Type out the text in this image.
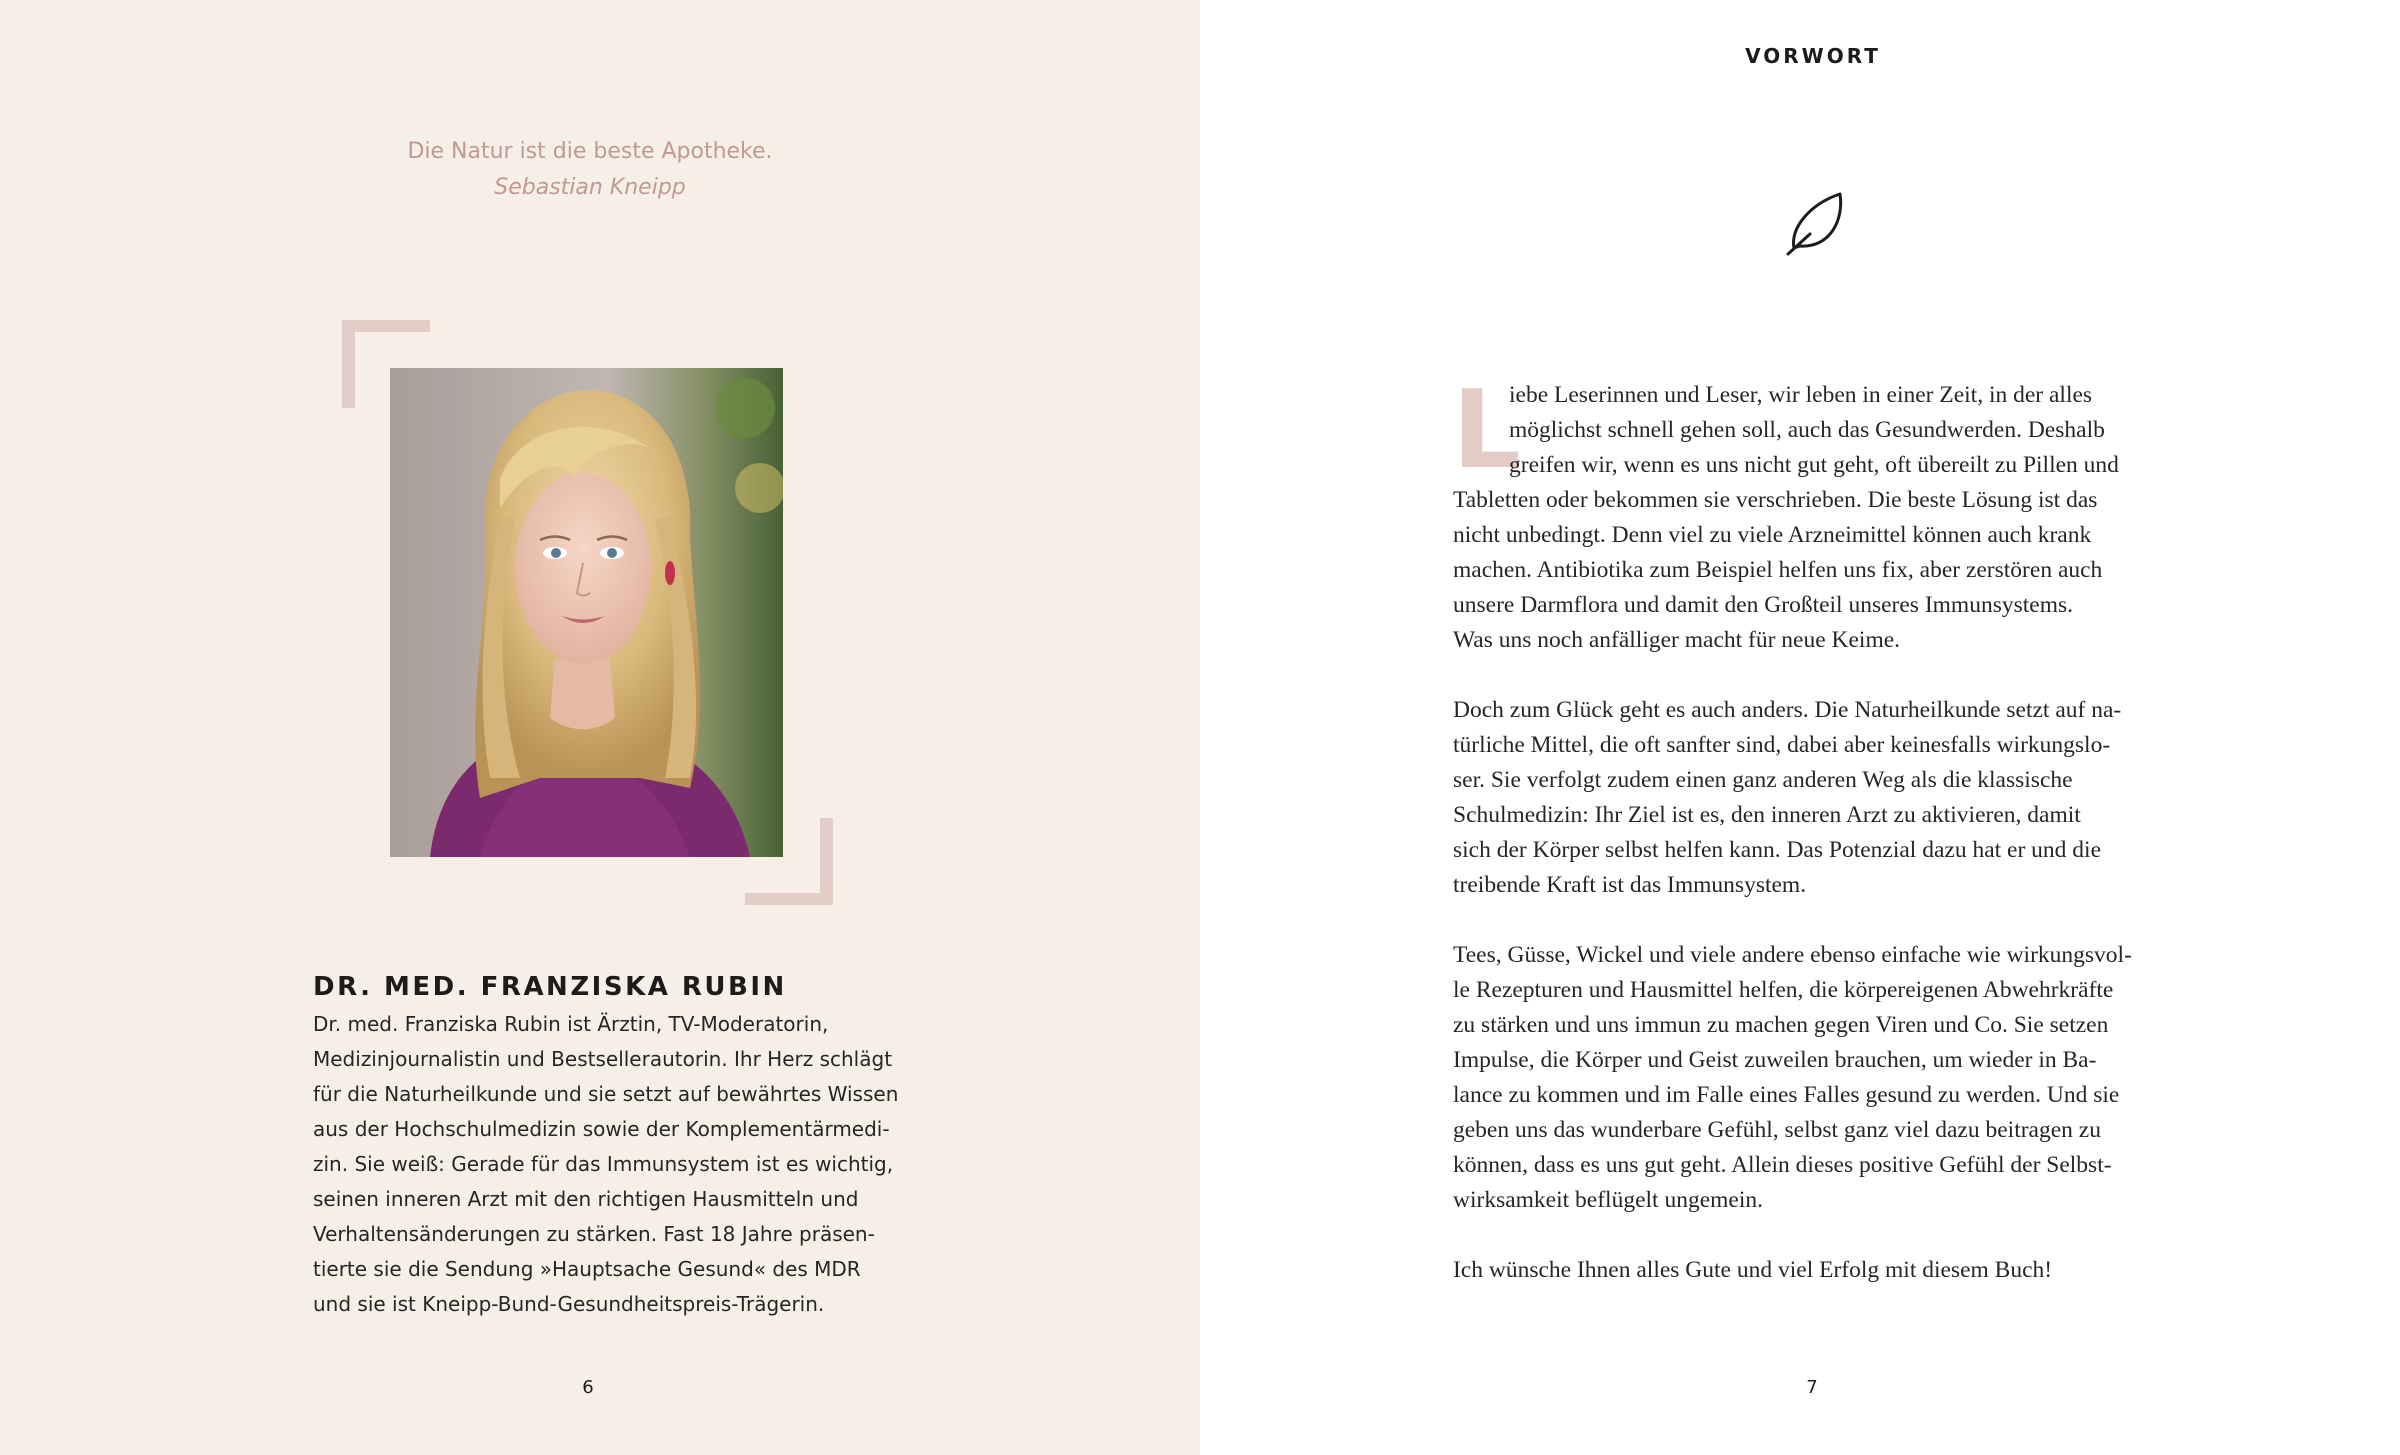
Die Natur ist die beste Apotheke.
Sebastian Kneipp
DR. MED. FRANZISKA RUBIN
Dr. med. Franziska Rubin ist Ärztin, TV-Moderatorin,
Medizinjournalistin und Bestsellerautorin. Ihr Herz schlägt
für die Naturheilkunde und sie setzt auf bewährtes Wissen
aus der Hochschulmedizin sowie der Komplementärmedi-
zin. Sie weiß: Gerade für das Immunsystem ist es wichtig,
seinen inneren Arzt mit den richtigen Hausmitteln und
Verhaltensänderungen zu stärken. Fast 18 Jahre präsen-
tierte sie die Sendung »Hauptsache Gesund« des MDR
und sie ist Kneipp-Bund-Gesundheitspreis-Trägerin.
6
VORWORT
L
iebe Leserinnen und Leser, wir leben in einer Zeit, in der alles
möglichst schnell gehen soll, auch das Gesundwerden. Deshalb
greifen wir, wenn es uns nicht gut geht, oft übereilt zu Pillen und
Tabletten oder bekommen sie verschrieben. Die beste Lösung ist das
nicht unbedingt. Denn viel zu viele Arzneimittel können auch krank
machen. Antibiotika zum Beispiel helfen uns fix, aber zerstören auch
unsere Darmflora und damit den Großteil unseres Immunsystems.
Was uns noch anfälliger macht für neue Keime.
Doch zum Glück geht es auch anders. Die Naturheilkunde setzt auf na-
türliche Mittel, die oft sanfter sind, dabei aber keinesfalls wirkungslo-
ser. Sie verfolgt zudem einen ganz anderen Weg als die klassische
Schulmedizin: Ihr Ziel ist es, den inneren Arzt zu aktivieren, damit
sich der Körper selbst helfen kann. Das Potenzial dazu hat er und die
treibende Kraft ist das Immunsystem.
Tees, Güsse, Wickel und viele andere ebenso einfache wie wirkungsvol-
le Rezepturen und Hausmittel helfen, die körpereigenen Abwehrkräfte
zu stärken und uns immun zu machen gegen Viren und Co. Sie setzen
Impulse, die Körper und Geist zuweilen brauchen, um wieder in Ba-
lance zu kommen und im Falle eines Falles gesund zu werden. Und sie
geben uns das wunderbare Gefühl, selbst ganz viel dazu beitragen zu
können, dass es uns gut geht. Allein dieses positive Gefühl der Selbst-
wirksamkeit beflügelt ungemein.
Ich wünsche Ihnen alles Gute und viel Erfolg mit diesem Buch!
7
